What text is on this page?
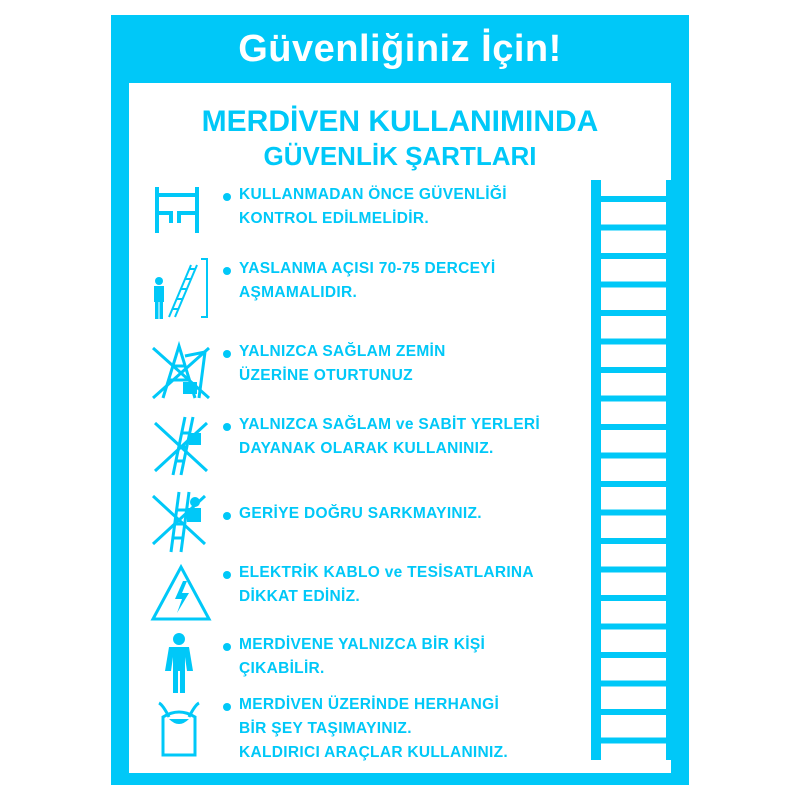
Güvenliğiniz İçin!
MERDİVEN KULLANIMINDA
GÜVENLİK ŞARTLARI
KULLANMADAN ÖNCE GÜVENLİĞİ
KONTROL EDİLMELİDİR.
YASLANMA AÇISI 70-75 DERCEYİ
AŞMAMALIDIR.
YALNIZCA SAĞLAM ZEMİN
ÜZERİNE OTURTUNUZ
YALNIZCA SAĞLAM ve SABİT YERLERİ
DAYANAK OLARAK KULLANINIZ.
GERİYE DOĞRU SARKMAYINIZ.
ELEKTRİK KABLO ve TESİSATLARINA
DİKKAT EDİNİZ.
MERDİVENE YALNIZCA BİR KİŞİ
ÇIKABİLİR.
MERDİVEN ÜZERİNDE HERHANGİ
BİR ŞEY TAŞIMAYINIZ.
KALDIRICI ARAÇLAR KULLANINIZ.
